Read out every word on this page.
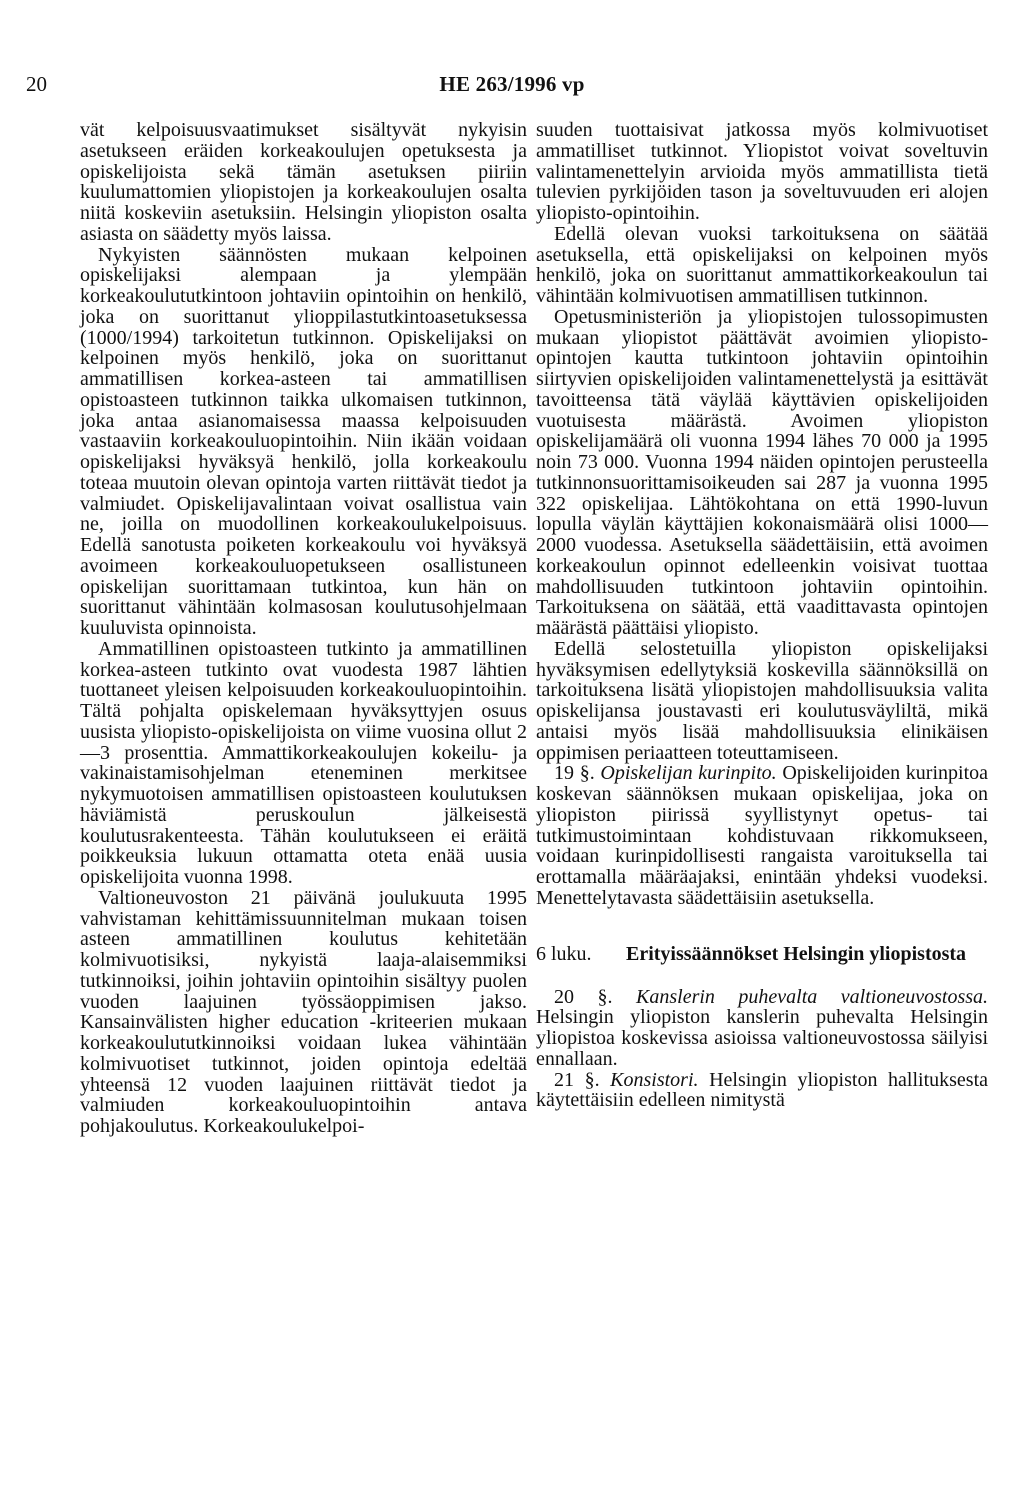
20	HE 263/1996 vp

vät kelpoisuusvaatimukset sisältyvät nykyisin asetukseen eräiden korkeakoulujen opetuksesta ja opiskelijoista sekä tämän asetuksen piiriin kuulumattomien yliopistojen ja korkeakoulujen osalta niitä koskeviin asetuksiin. Helsingin yliopiston osalta asiasta on säädetty myös laissa.

Nykyisten säännösten mukaan kelpoinen opiskelijaksi alempaan ja ylempään korkeakoulututkintoon johtaviin opintoihin on henkilö, joka on suorittanut ylioppilastutkintoasetuksessa (1000/1994) tarkoitetun tutkinnon. Opiskelijaksi on kelpoinen myös henkilö, joka on suorittanut ammatillisen korkea-asteen tai ammatillisen opistoasteen tutkinnon taikka ulkomaisen tutkinnon, joka antaa asianomaisessa maassa kelpoisuuden vastaaviin korkeakouluopintoihin. Niin ikään voidaan opiskelijaksi hyväksyä henkilö, jolla korkeakoulu toteaa muutoin olevan opintoja varten riittävät tiedot ja valmiudet. Opiskelijavalintaan voivat osallistua vain ne, joilla on muodollinen korkeakoulukelpoisuus. Edellä sanotusta poiketen korkeakoulu voi hyväksyä avoimeen korkeakouluopetukseen osallistuneen opiskelijan suorittamaan tutkintoa, kun hän on suorittanut vähintään kolmasosan koulutusohjelmaan kuuluvista opinnoista.

Ammatillinen opistoasteen tutkinto ja ammatillinen korkea-asteen tutkinto ovat vuodesta 1987 lähtien tuottaneet yleisen kelpoisuuden korkeakouluopintoihin. Tältä pohjalta opiskelemaan hyväksyttyjen osuus uusista yliopisto-opiskelijoista on viime vuosina ollut 2—3 prosenttia. Ammattikorkeakoulujen kokeilu- ja vakinaistamisohjelman eteneminen merkitsee nykymuotoisen ammatillisen opistoasteen koulutuksen häviämistä peruskoulun jälkeisestä koulutusrakenteesta. Tähän koulutukseen ei eräitä poikkeuksia lukuun ottamatta oteta enää uusia opiskelijoita vuonna 1998.

Valtioneuvoston 21 päivänä joulukuuta 1995 vahvistaman kehittämissuunnitelman mukaan toisen asteen ammatillinen koulutus kehitetään kolmivuotisiksi, nykyistä laaja-alaisemmiksi tutkinnoiksi, joihin johtaviin opintoihin sisältyy puolen vuoden laajuinen työssäoppimisen jakso. Kansainvälisten higher education -kriteerien mukaan korkeakoulututkinnoiksi voidaan lukea vähintään kolmivuotiset tutkinnot, joiden opintoja edeltää yhteensä 12 vuoden laajuinen riittävät tiedot ja valmiuden korkeakouluopintoihin antava pohjakoulutus. Korkeakoulukelpoi-

suuden tuottaisivat jatkossa myös kolmivuotiset ammatilliset tutkinnot. Yliopistot voivat soveltuvin valintamenettelyin arvioida myös ammatillista tietä tulevien pyrkijöiden tason ja soveltuvuuden eri alojen yliopisto-opintoihin.

Edellä olevan vuoksi tarkoituksena on säätää asetuksella, että opiskelijaksi on kelpoinen myös henkilö, joka on suorittanut ammattikorkeakoulun tai vähintään kolmivuotisen ammatillisen tutkinnon.

Opetusministeriön ja yliopistojen tulossopimusten mukaan yliopistot päättävät avoimien yliopisto-opintojen kautta tutkintoon johtaviin opintoihin siirtyvien opiskelijoiden valintamenettelystä ja esittävät tavoitteensa tätä väylää käyttävien opiskelijoiden vuotuisesta määrästä. Avoimen yliopiston opiskelijamäärä oli vuonna 1994 lähes 70 000 ja 1995 noin 73 000. Vuonna 1994 näiden opintojen perusteella tutkinnonsuorittamisoikeuden sai 287 ja vuonna 1995 322 opiskelijaa. Lähtökohtana on että 1990-luvun lopulla väylän käyttäjien kokonaismäärä olisi 1000—2000 vuodessa. Asetuksella säädettäisiin, että avoimen korkeakoulun opinnot edelleenkin voisivat tuottaa mahdollisuuden tutkintoon johtaviin opintoihin. Tarkoituksena on säätää, että vaadittavasta opintojen määrästä päättäisi yliopisto.

Edellä selostetuilla yliopiston opiskelijaksi hyväksymisen edellytyksiä koskevilla säännöksillä on tarkoituksena lisätä yliopistojen mahdollisuuksia valita opiskelijansa joustavasti eri koulutusväyliltä, mikä antaisi myös lisää mahdollisuuksia elinikäisen oppimisen periaatteen toteuttamiseen.

19 §. Opiskelijan kurinpito. Opiskelijoiden kurinpitoa koskevan säännöksen mukaan opiskelijaa, joka on yliopiston piirissä syyllistynyt opetus- tai tutkimustoimintaan kohdistuvaan rikkomukseen, voidaan kurinpidollisesti rangaista varoituksella tai erottamalla määräajaksi, enintään yhdeksi vuodeksi. Menettelytavasta säädettäisiin asetuksella.

6 luku.	Erityissäännökset Helsingin yliopistosta

20 §. Kanslerin puhevalta valtioneuvostossa. Helsingin yliopiston kanslerin puhevalta Helsingin yliopistoa koskevissa asioissa valtioneuvostossa säilyisi ennallaan.

21 §. Konsistori. Helsingin yliopiston hallituksesta käytettäisiin edelleen nimitystä
